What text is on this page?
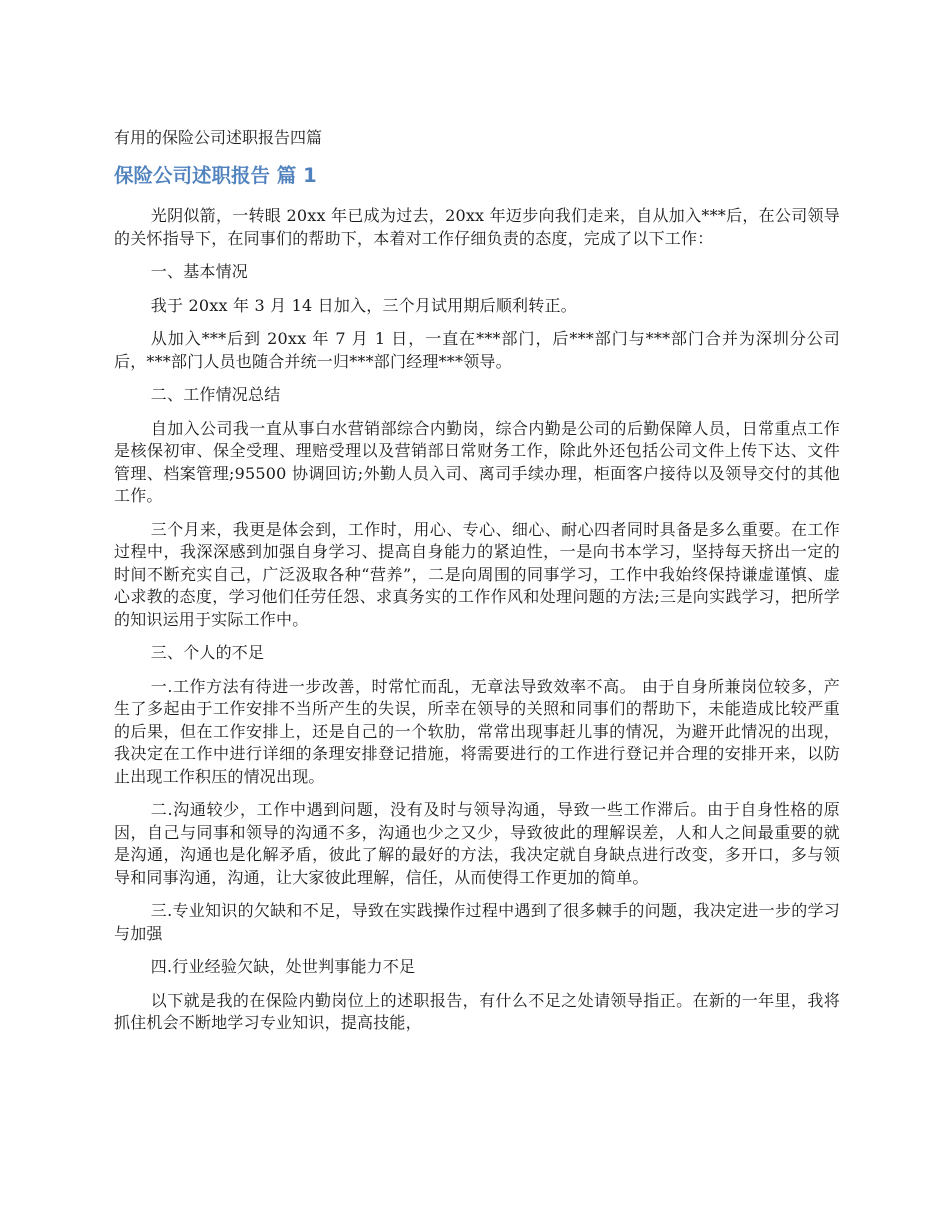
有用的保险公司述职报告四篇
保险公司述职报告 篇 1

光阴似箭，一转眼 20xx 年已成为过去，20xx 年迈步向我们走来，自从加入***后，在公司领导的关怀指导下，在同事们的帮助下，本着对工作仔细负责的态度，完成了以下工作：

一、基本情况

我于 20xx 年 3 月 14 日加入，三个月试用期后顺利转正。

从加入***后到 20xx 年 7 月 1 日，一直在***部门，后***部门与***部门合并为深圳分公司后，***部门人员也随合并统一归***部门经理***领导。

二、工作情况总结

自加入公司我一直从事白水营销部综合内勤岗，综合内勤是公司的后勤保障人员，日常重点工作是核保初审、保全受理、理赔受理以及营销部日常财务工作，除此外还包括公司文件上传下达、文件管理、档案管理;95500 协调回访;外勤人员入司、离司手续办理，柜面客户接待以及领导交付的其他工作。

三个月来，我更是体会到，工作时，用心、专心、细心、耐心四者同时具备是多么重要。在工作过程中，我深深感到加强自身学习、提高自身能力的紧迫性，一是向书本学习，坚持每天挤出一定的时间不断充实自己，广泛汲取各种“营养”，二是向周围的同事学习，工作中我始终保持谦虚谨慎、虚心求教的态度，学习他们任劳任怨、求真务实的工作作风和处理问题的方法;三是向实践学习，把所学的知识运用于实际工作中。

三、个人的不足

一.工作方法有待进一步改善，时常忙而乱，无章法导致效率不高。 由于自身所兼岗位较多，产生了多起由于工作安排不当所产生的失误，所幸在领导的关照和同事们的帮助下，未能造成比较严重的后果，但在工作安排上，还是自己的一个软肋，常常出现事赶儿事的情况，为避开此情况的出现，我决定在工作中进行详细的条理安排登记措施，将需要进行的工作进行登记并合理的安排开来，以防止出现工作积压的情况出现。

二.沟通较少，工作中遇到问题，没有及时与领导沟通，导致一些工作滞后。由于自身性格的原因，自己与同事和领导的沟通不多，沟通也少之又少，导致彼此的理解误差，人和人之间最重要的就是沟通，沟通也是化解矛盾，彼此了解的最好的方法，我决定就自身缺点进行改变，多开口，多与领导和同事沟通，沟通，让大家彼此理解，信任，从而使得工作更加的简单。

三.专业知识的欠缺和不足，导致在实践操作过程中遇到了很多棘手的问题，我决定进一步的学习与加强

四.行业经验欠缺，处世判事能力不足

以下就是我的在保险内勤岗位上的述职报告，有什么不足之处请领导指正。在新的一年里，我将抓住机会不断地学习专业知识，提高技能，
